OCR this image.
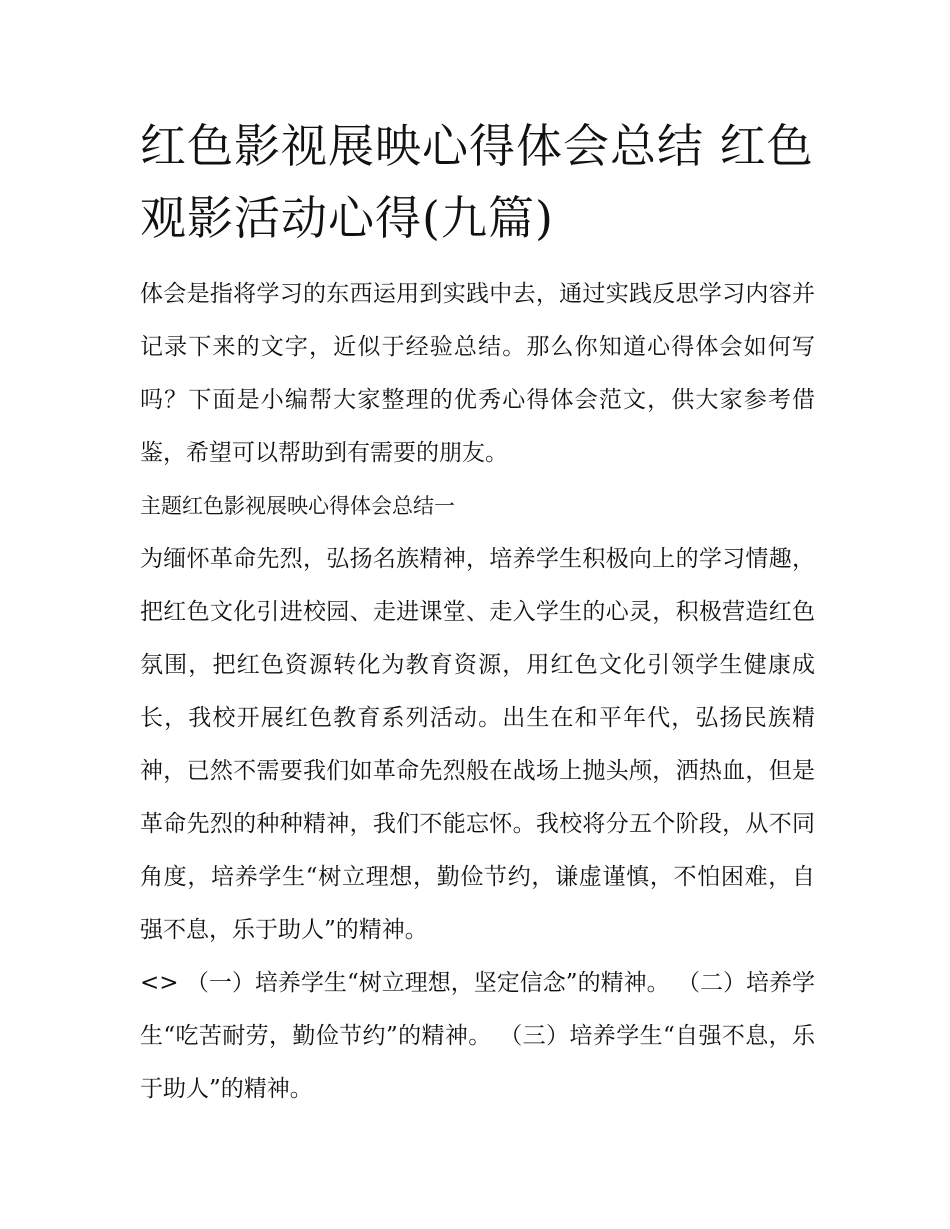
红色影视展映心得体会总结 红色观影活动心得(九篇)

体会是指将学习的东西运用到实践中去，通过实践反思学习内容并记录下来的文字，近似于经验总结。那么你知道心得体会如何写吗？下面是小编帮大家整理的优秀心得体会范文，供大家参考借鉴，希望可以帮助到有需要的朋友。

主题红色影视展映心得体会总结一

为缅怀革命先烈，弘扬名族精神，培养学生积极向上的学习情趣，把红色文化引进校园、走进课堂、走入学生的心灵，积极营造红色氛围，把红色资源转化为教育资源，用红色文化引领学生健康成长，我校开展红色教育系列活动。出生在和平年代，弘扬民族精神，已然不需要我们如革命先烈般在战场上抛头颅，洒热血，但是革命先烈的种种精神，我们不能忘怀。我校将分五个阶段，从不同角度，培养学生“树立理想，勤俭节约，谦虚谨慎，不怕困难，自强不息，乐于助人”的精神。

<> （一）培养学生“树立理想，坚定信念”的精神。 （二）培养学生“吃苦耐劳，勤俭节约”的精神。 （三）培养学生“自强不息，乐于助人”的精神。
